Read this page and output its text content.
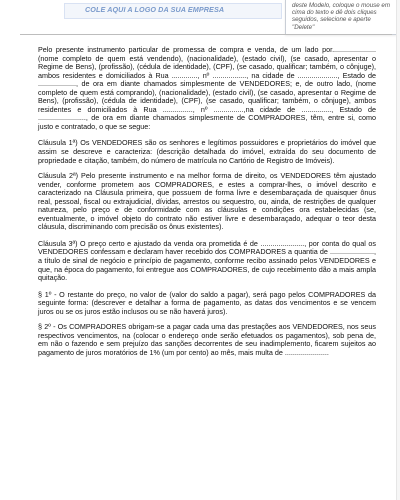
COLE AQUI A LOGO DA SUA EMPRESA	deste Modelo, coloque o mouse em cima do texto e dê dois cliques seguidos, selecione e aperte "Delete"

Pelo presente instrumento particular de promessa de compra e venda, de um lado por...................... (nome completo de quem está vendendo), (nacionalidade), (estado civil), (se casado, apresentar o Regime de Bens), (profissão), (cédula de identidade), (CPF), (se casado, qualificar; também, o cônjuge), ambos residentes e domiciliados à Rua ............., nº ................., na cidade de ...................., Estado de ..................., de ora em diante chamados simplesmente de VENDEDORES; e, de outro lado, (nome completo de quem está comprando), (nacionalidade), (estado civil), (se casado, apresentar o Regime de Bens), (profissão), (cédula de identidade), (CPF), (se casado, qualificar; também, o cônjuge), ambos residentes e domiciliados à Rua ..............., nº ...............,na cidade de ..............., Estado de ........................, de ora em diante chamados simplesmente de COMPRADORES, têm, entre si, como justo e contratado, o que se segue:

Cláusula 1ª) Os VENDEDORES são os senhores e legítimos possuidores e proprietários do imóvel que assim se descreve e caracteriza: (descrição detalhada do imóvel, extraída do seu documento de propriedade e citação, também, do número de matrícula no Cartório de Registro de Imóveis).

Cláusula 2ª) Pelo presente instrumento e na melhor forma de direito, os VENDEDORES têm ajustado vender, conforme prometem aos COMPRADORES, e estes a comprar-lhes, o imóvel descrito e caracterizado na Cláusula primeira, que possuem de forma livre e desembaraçada de quaisquer ônus real, pessoal, fiscal ou extrajudicial, dívidas, arrestos ou sequestro, ou, ainda, de restrições de qualquer natureza, pelo preço e de conformidade com as cláusulas e condições ora estabelecidas (se, eventualmente, o imóvel objeto do contrato não estiver livre e desembaraçado, adequar o teor desta cláusula, discriminando com precisão os ônus existentes).

Cláusula 3ª) O preço certo e ajustado da venda ora prometida é de ......................, por conta do qual os VENDEDORES confessam e declaram haver recebido dos COMPRADORES a quantia de ......................, a título de sinal de negócio e princípio de pagamento, conforme recibo assinado pelos VENDEDORES e que, na época do pagamento, foi entregue aos COMPRADORES, de cujo recebimento dão a mais ampla quitação.

§ 1º - O restante do preço, no valor de (valor do saldo a pagar), será pago pelos COMPRADORES da seguinte forma: (descrever e detalhar a forma de pagamento, as datas dos vencimentos e se vencem juros ou se os juros estão inclusos ou se não haverá juros).

§ 2º - Os COMPRADORES obrigam-se a pagar cada uma das prestações aos VENDEDORES, nos seus respectivos vencimentos, na (colocar o endereço onde serão efetuados os pagamentos), sob pena de, em não o fazendo e sem prejuízo das sanções decorrentes de seu inadimplemento, ficarem sujeitos ao pagamento de juros moratórios de 1% (um por cento) ao mês, mais multa de ......................
